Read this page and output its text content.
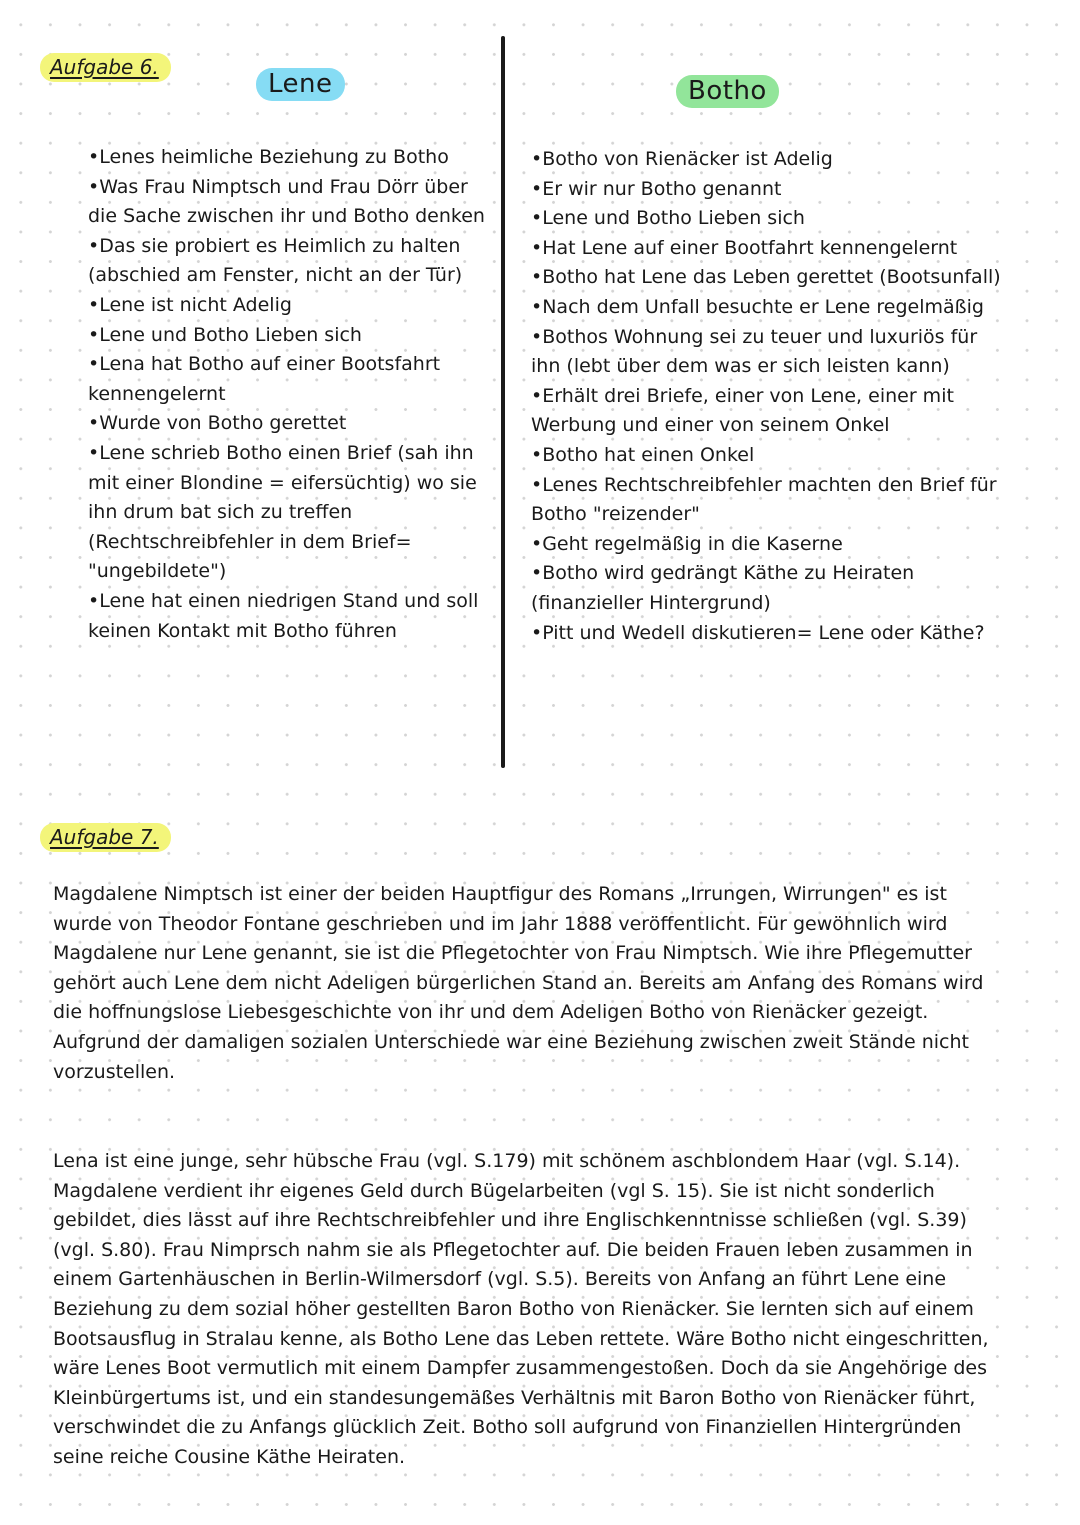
Aufgabe 6.
Lene	Botho
•Lenes heimliche Beziehung zu Botho
•Was Frau Nimptsch und Frau Dörr über die Sache zwischen ihr und Botho denken
•Das sie probiert es Heimlich zu halten (abschied am Fenster, nicht an der Tür)
•Lene ist nicht Adelig
•Lene und Botho Lieben sich
•Lena hat Botho auf einer Bootsfahrt kennengelernt
•Wurde von Botho gerettet
•Lene schrieb Botho einen Brief (sah ihn mit einer Blondine = eifersüchtig) wo sie ihn drum bat sich zu treffen (Rechtschreibfehler in dem Brief= "ungebildete")
•Lene hat einen niedrigen Stand und soll keinen Kontakt mit Botho führen
•Botho von Rienäcker ist Adelig
•Er wir nur Botho genannt
•Lene und Botho Lieben sich
•Hat Lene auf einer Bootfahrt kennengelernt
•Botho hat Lene das Leben gerettet (Bootsunfall)
•Nach dem Unfall besuchte er Lene regelmäßig
•Bothos Wohnung sei zu teuer und luxuriös für ihn (lebt über dem was er sich leisten kann)
•Erhält drei Briefe, einer von Lene, einer mit Werbung und einer von seinem Onkel
•Botho hat einen Onkel
•Lenes Rechtschreibfehler machten den Brief für Botho "reizender"
•Geht regelmäßig in die Kaserne
•Botho wird gedrängt Käthe zu Heiraten (finanzieller Hintergrund)
•Pitt und Wedell diskutieren= Lene oder Käthe?
Aufgabe 7.

Magdalene Nimptsch ist einer der beiden Hauptfigur des Romans „Irrungen, Wirrungen" es ist wurde von Theodor Fontane geschrieben und im Jahr 1888 veröffentlicht. Für gewöhnlich wird Magdalene nur Lene genannt, sie ist die Pflegetochter von Frau Nimptsch. Wie ihre Pflegemutter gehört auch Lene dem nicht Adeligen bürgerlichen Stand an. Bereits am Anfang des Romans wird die hoffnungslose Liebesgeschichte von ihr und dem Adeligen Botho von Rienäcker gezeigt. Aufgrund der damaligen sozialen Unterschiede war eine Beziehung zwischen zweit Stände nicht vorzustellen.

Lena ist eine junge, sehr hübsche Frau (vgl. S.179) mit schönem aschblondem Haar (vgl. S.14). Magdalene verdient ihr eigenes Geld durch Bügelarbeiten (vgl S. 15). Sie ist nicht sonderlich gebildet, dies lässt auf ihre Rechtschreibfehler und ihre Englischkenntnisse schließen (vgl. S.39) (vgl. S.80). Frau Nimprsch nahm sie als Pflegetochter auf. Die beiden Frauen leben zusammen in einem Gartenhäuschen in Berlin-Wilmersdorf (vgl. S.5). Bereits von Anfang an führt Lene eine Beziehung zu dem sozial höher gestellten Baron Botho von Rienäcker. Sie lernten sich auf einem Bootsausflug in Stralau kenne, als Botho Lene das Leben rettete. Wäre Botho nicht eingeschritten, wäre Lenes Boot vermutlich mit einem Dampfer zusammengestoßen. Doch da sie Angehörige des Kleinbürgertums ist, und ein standesungemäßes Verhältnis mit Baron Botho von Rienäcker führt, verschwindet die zu Anfangs glücklich Zeit. Botho soll aufgrund von Finanziellen Hintergründen seine reiche Cousine Käthe Heiraten.
